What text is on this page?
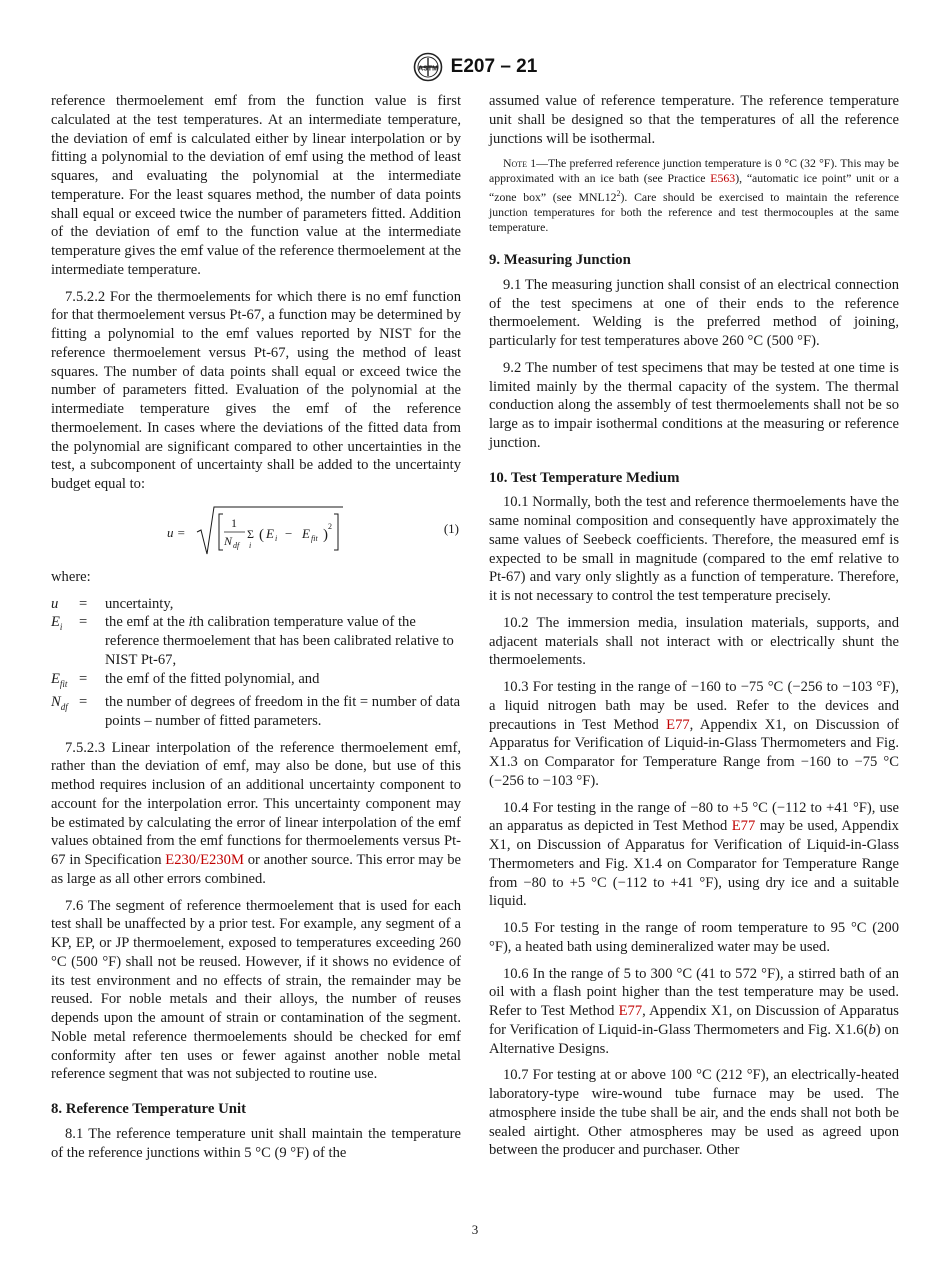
ASTM E207 – 21

reference thermoelement emf from the function value is first calculated at the test temperatures. At an intermediate temperature, the deviation of emf is calculated either by linear interpolation or by fitting a polynomial to the deviation of emf using the method of least squares, and evaluating the polynomial at the intermediate temperature. For the least squares method, the number of data points shall equal or exceed twice the number of parameters fitted. Addition of the deviation of emf to the function value at the intermediate temperature gives the emf value of the reference thermoelement at the intermediate temperature.

7.5.2.2 For the thermoelements for which there is no emf function for that thermoelement versus Pt-67, a function may be determined by fitting a polynomial to the emf values reported by NIST for the reference thermoelement versus Pt-67, using the method of least squares. The number of data points shall equal or exceed twice the number of parameters fitted. Evaluation of the polynomial at the intermediate temperature gives the emf of the reference thermoelement. In cases where the deviations of the fitted data from the polynomial are significant compared to other uncertainties in the test, a subcomponent of uncertainty shall be added to the uncertainty budget equal to:

u =
1
N df
Σ
i
( E i − E fit )
2	(1)

where:

u	=	uncertainty,
$E_i$	=	the emf at the ith calibration temperature value of the reference thermoelement that has been calibrated relative to NIST Pt-67,
$E_{fit}$ =	the emf of the fitted polynomial, and
$N_{df}$ =	the number of degrees of freedom in the fit = number of data points – number of fitted parameters.

7.5.2.3 Linear interpolation of the reference thermoelement emf, rather than the deviation of emf, may also be done, but use of this method requires inclusion of an additional uncertainty component to account for the interpolation error. This uncertainty component may be estimated by calculating the error of linear interpolation of the emf values obtained from the emf functions for thermoelements versus Pt-67 in Specification E230/E230M or another source. This error may be as large as all other errors combined.

7.6 The segment of reference thermoelement that is used for each test shall be unaffected by a prior test. For example, any segment of a KP, EP, or JP thermoelement, exposed to temperatures exceeding 260 °C (500 °F) shall not be reused. However, if it shows no evidence of its test environment and no effects of strain, the remainder may be reused. For noble metals and their alloys, the number of reuses depends upon the amount of strain or contamination of the segment. Noble metal reference thermoelements should be checked for emf conformity after ten uses or fewer against another noble metal reference segment that was not subjected to routine use.

8. Reference Temperature Unit

8.1 The reference temperature unit shall maintain the temperature of the reference junctions within 5 °C (9 °F) of the

assumed value of reference temperature. The reference temperature unit shall be designed so that the temperatures of all the reference junctions will be isothermal.

Note 1—The preferred reference junction temperature is 0 °C (32 °F). This may be approximated with an ice bath (see Practice E563), “automatic ice point” unit or a “zone box” (see $MNL12^2$). Care should be exercised to maintain the reference junction temperatures for both the reference and test thermocouples at the same temperature.
9. Measuring Junction

9.1 The measuring junction shall consist of an electrical connection of the test specimens at one of their ends to the reference thermoelement. Welding is the preferred method of joining, particularly for test temperatures above 260 °C (500 °F).

9.2 The number of test specimens that may be tested at one time is limited mainly by the thermal capacity of the system. The thermal conduction along the assembly of test thermoelements shall not be so large as to impair isothermal conditions at the measuring or reference junction.

10. Test Temperature Medium

10.1 Normally, both the test and reference thermoelements have the same nominal composition and consequently have approximately the same values of Seebeck coefficients. Therefore, the measured emf is expected to be small in magnitude (compared to the emf relative to Pt-67) and vary only slightly as a function of temperature. Therefore, it is not necessary to control the test temperature precisely.

10.2 The immersion media, insulation materials, supports, and adjacent materials shall not interact with or electrically shunt the thermoelements.

10.3 For testing in the range of −160 to −75 °C (−256 to −103 °F), a liquid nitrogen bath may be used. Refer to the devices and precautions in Test Method E77, Appendix X1, on Discussion of Apparatus for Verification of Liquid-in-Glass Thermometers and Fig. X1.3 on Comparator for Temperature Range from −160 to −75 °C (−256 to −103 °F).

10.4 For testing in the range of −80 to +5 °C (−112 to +41 °F), use an apparatus as depicted in Test Method E77 may be used, Appendix X1, on Discussion of Apparatus for Verification of Liquid-in-Glass Thermometers and Fig. X1.4 on Comparator for Temperature Range from −80 to +5 °C (−112 to +41 °F), using dry ice and a suitable liquid.

10.5 For testing in the range of room temperature to 95 °C (200 °F), a heated bath using demineralized water may be used.

10.6 In the range of 5 to 300 °C (41 to 572 °F), a stirred bath of an oil with a flash point higher than the test temperature may be used. Refer to Test Method E77, Appendix X1, on Discussion of Apparatus for Verification of Liquid-in-Glass Thermometers and Fig. X1.6(b) on Alternative Designs.

10.7 For testing at or above 100 °C (212 °F), an electrically-heated laboratory-type wire-wound tube furnace may be used. The atmosphere inside the tube shall be air, and the ends shall not both be sealed airtight. Other atmospheres may be used as agreed upon between the producer and purchaser. Other

3
